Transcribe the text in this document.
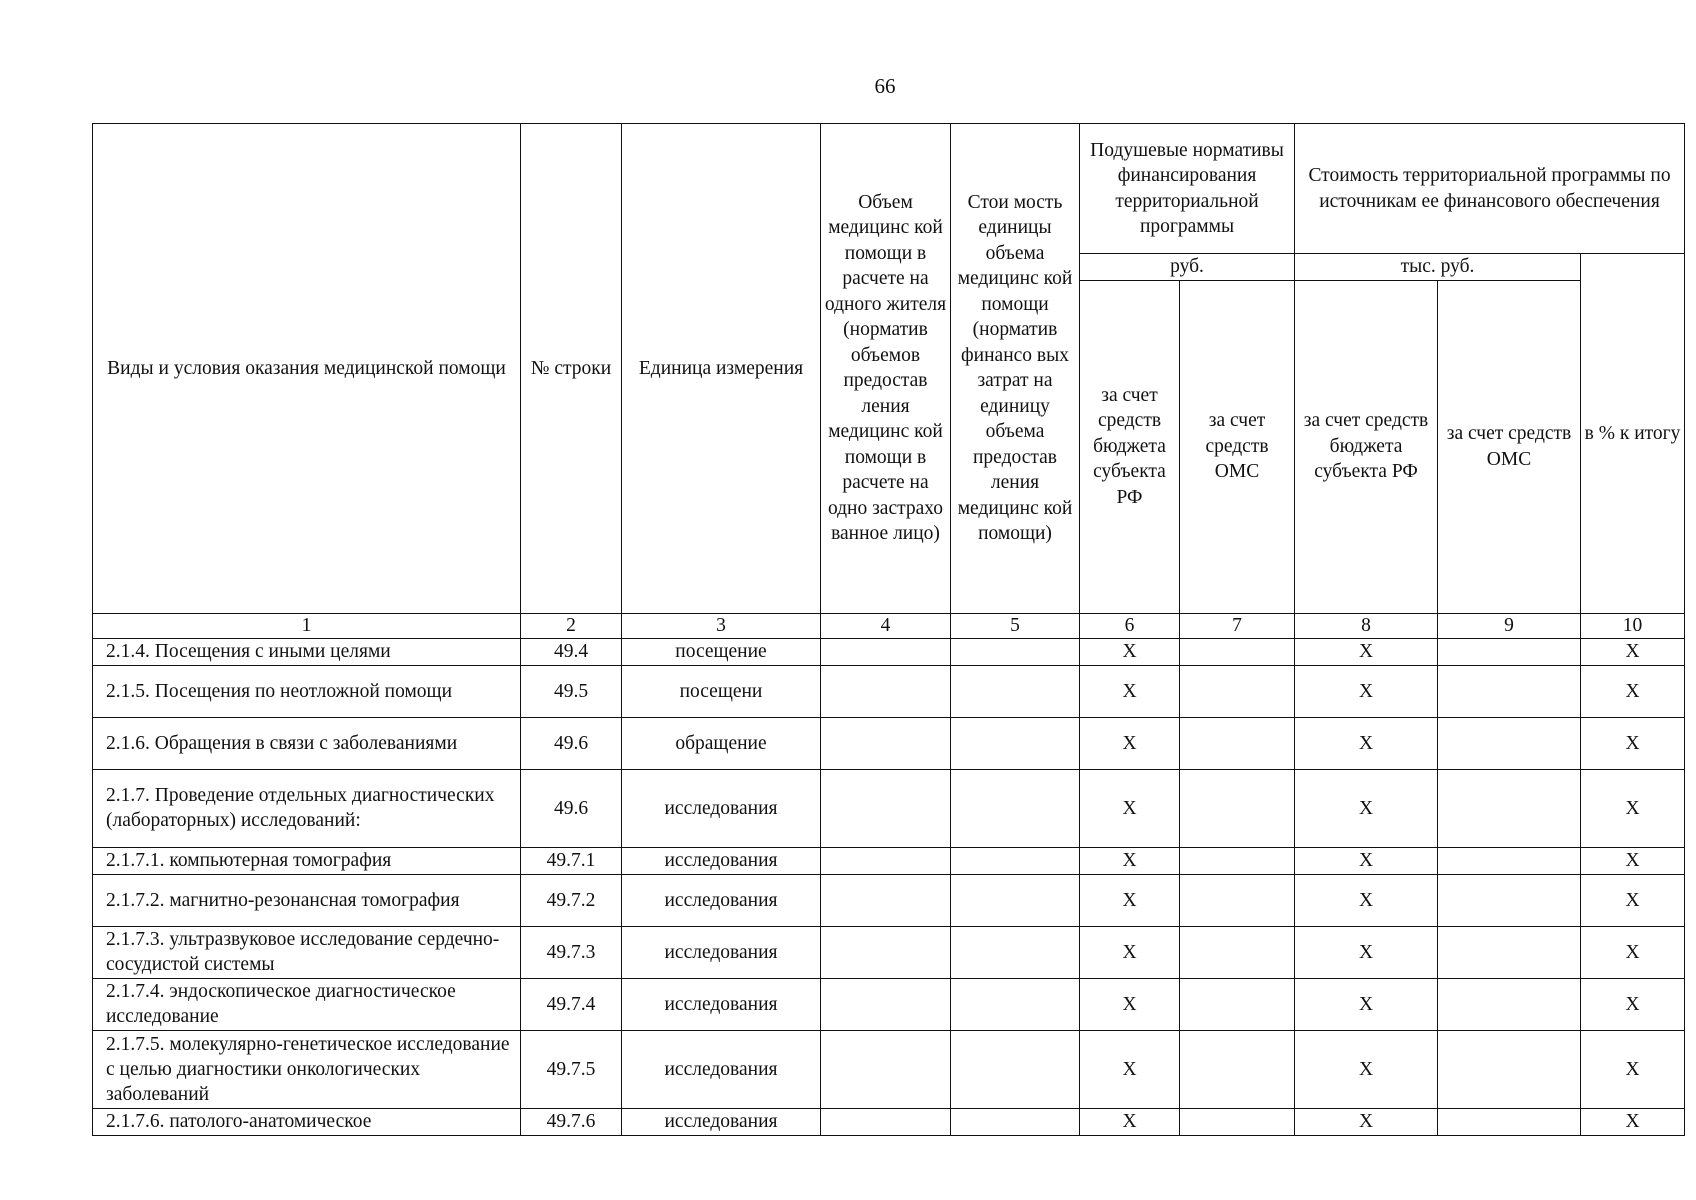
66
Виды и условия оказания медицинской помощи	№ строки	Единица измерения	Объем медицинс кой помощи в расчете на одного жителя (норматив объемов предостав ления медицинс кой помощи в расчете на одно застрахо ванное лицо)	Стои мость единицы объема медицинс кой помощи (норматив финансо вых затрат на единицу объема предостав ления медицинс кой помощи)	Подушевые нормативы финансирования территориальной программы		Стоимость территориальной программы по источникам ее финансового обеспечения		
					руб.		тыс. руб.		в % к итогу
					за счет средств бюджета субъекта РФ	за счет средств ОМС	за счет средств бюджета субъекта РФ	за счет средств ОМС	
1	2	3	4	5	6	7	8	9	10
2.1.4. Посещения с иными целями	49.4	посещение			X		X		X
2.1.5. Посещения по неотложной помощи	49.5	посещени			X		X		X
2.1.6. Обращения в связи с заболеваниями	49.6	обращение			X		X		X
2.1.7. Проведение отдельных диагностических (лабораторных) исследований:	49.6	исследования			X		X		X
2.1.7.1. компьютерная томография	49.7.1	исследования			X		X		X
2.1.7.2. магнитно-резонансная томография	49.7.2	исследования			X		X		X
2.1.7.3. ультразвуковое исследование сердечно-сосудистой системы	49.7.3	исследования			X		X		X
2.1.7.4. эндоскопическое диагностическое исследование	49.7.4	исследования			X		X		X
2.1.7.5. молекулярно-генетическое исследование с целью диагностики онкологических заболеваний	49.7.5	исследования			X		X		X
2.1.7.6. патолого-анатомическое	49.7.6	исследования			X		X		X
